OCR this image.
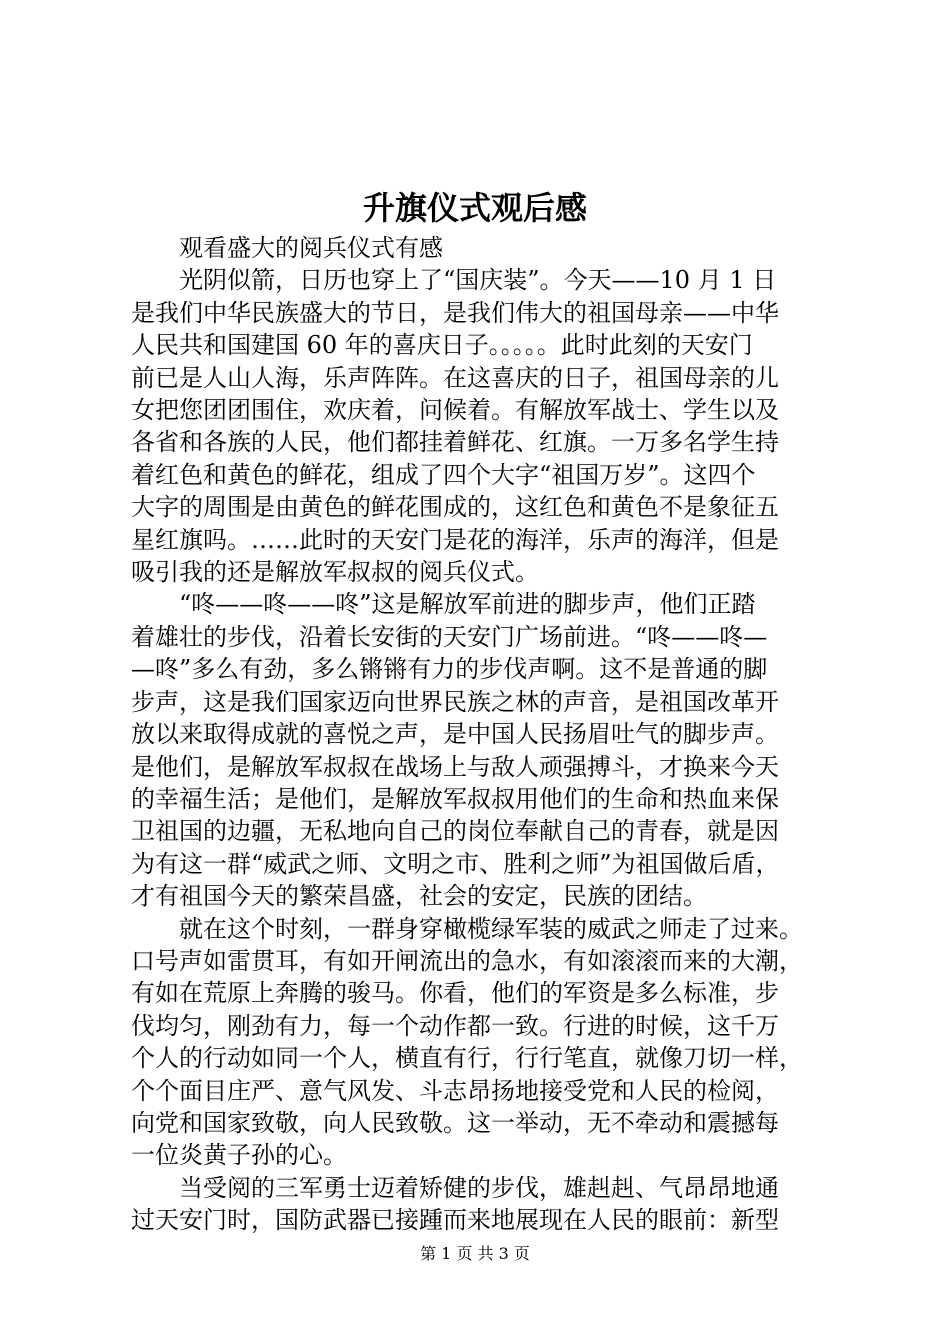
升旗仪式观后感

　　观看盛大的阅兵仪式有感

　　光阴似箭，日历也穿上了“国庆装”。今天——10 月 1 日

是我们中华民族盛大的节日，是我们伟大的祖国母亲——中华

人民共和国建国 60 年的喜庆日子。。。。。此时此刻的天安门

前已是人山人海，乐声阵阵。在这喜庆的日子，祖国母亲的儿

女把您团团围住，欢庆着，问候着。有解放军战士、学生以及

各省和各族的人民，他们都挂着鲜花、红旗。一万多名学生持

着红色和黄色的鲜花，组成了四个大字“祖国万岁”。这四个

大字的周围是由黄色的鲜花围成的，这红色和黄色不是象征五

星红旗吗。……此时的天安门是花的海洋，乐声的海洋，但是

吸引我的还是解放军叔叔的阅兵仪式。

　　“咚——咚——咚”这是解放军前进的脚步声，他们正踏

着雄壮的步伐，沿着长安街的天安门广场前进。“咚——咚—

—咚”多么有劲，多么锵锵有力的步伐声啊。这不是普通的脚

步声，这是我们国家迈向世界民族之林的声音，是祖国改革开

放以来取得成就的喜悦之声，是中国人民扬眉吐气的脚步声。

是他们，是解放军叔叔在战场上与敌人顽强搏斗，才换来今天

的幸福生活；是他们，是解放军叔叔用他们的生命和热血来保

卫祖国的边疆，无私地向自己的岗位奉献自己的青春，就是因

为有这一群“威武之师、文明之市、胜利之师”为祖国做后盾，

才有祖国今天的繁荣昌盛，社会的安定，民族的团结。

　　就在这个时刻，一群身穿橄榄绿军装的威武之师走了过来。

口号声如雷贯耳，有如开闸流出的急水，有如滚滚而来的大潮，

有如在荒原上奔腾的骏马。你看，他们的军资是多么标准，步

伐均匀，刚劲有力，每一个动作都一致。行进的时候，这千万

个人的行动如同一个人，横直有行，行行笔直，就像刀切一样，

个个面目庄严、意气风发、斗志昂扬地接受党和人民的检阅，

向党和国家致敬，向人民致敬。这一举动，无不牵动和震撼每

一位炎黄子孙的心。

　　当受阅的三军勇士迈着矫健的步伐，雄赳赳、气昂昂地通

过天安门时，国防武器已接踵而来地展现在人民的眼前：新型

第 1 页 共 3 页
